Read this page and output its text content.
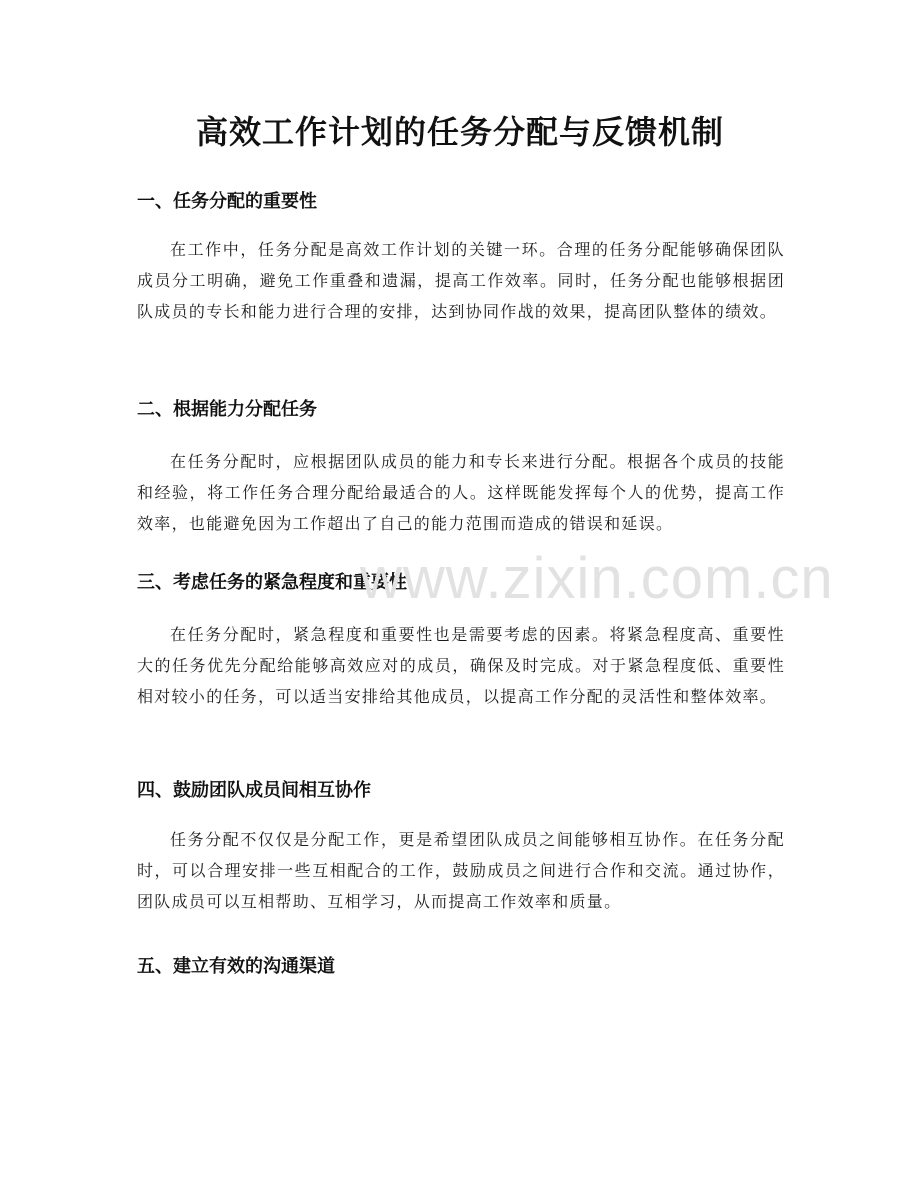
高效工作计划的任务分配与反馈机制
一、任务分配的重要性

在工作中，任务分配是高效工作计划的关键一环。合理的任务分配能够确保团队成员分工明确，避免工作重叠和遗漏，提高工作效率。同时，任务分配也能够根据团队成员的专长和能力进行合理的安排，达到协同作战的效果，提高团队整体的绩效。

二、根据能力分配任务

在任务分配时，应根据团队成员的能力和专长来进行分配。根据各个成员的技能和经验，将工作任务合理分配给最适合的人。这样既能发挥每个人的优势，提高工作效率，也能避免因为工作超出了自己的能力范围而造成的错误和延误。

三、考虑任务的紧急程度和重要性

在任务分配时，紧急程度和重要性也是需要考虑的因素。将紧急程度高、重要性大的任务优先分配给能够高效应对的成员，确保及时完成。对于紧急程度低、重要性相对较小的任务，可以适当安排给其他成员，以提高工作分配的灵活性和整体效率。

四、鼓励团队成员间相互协作

任务分配不仅仅是分配工作，更是希望团队成员之间能够相互协作。在任务分配时，可以合理安排一些互相配合的工作，鼓励成员之间进行合作和交流。通过协作，团队成员可以互相帮助、互相学习，从而提高工作效率和质量。

五、建立有效的沟通渠道
www.zixin.com.cn
